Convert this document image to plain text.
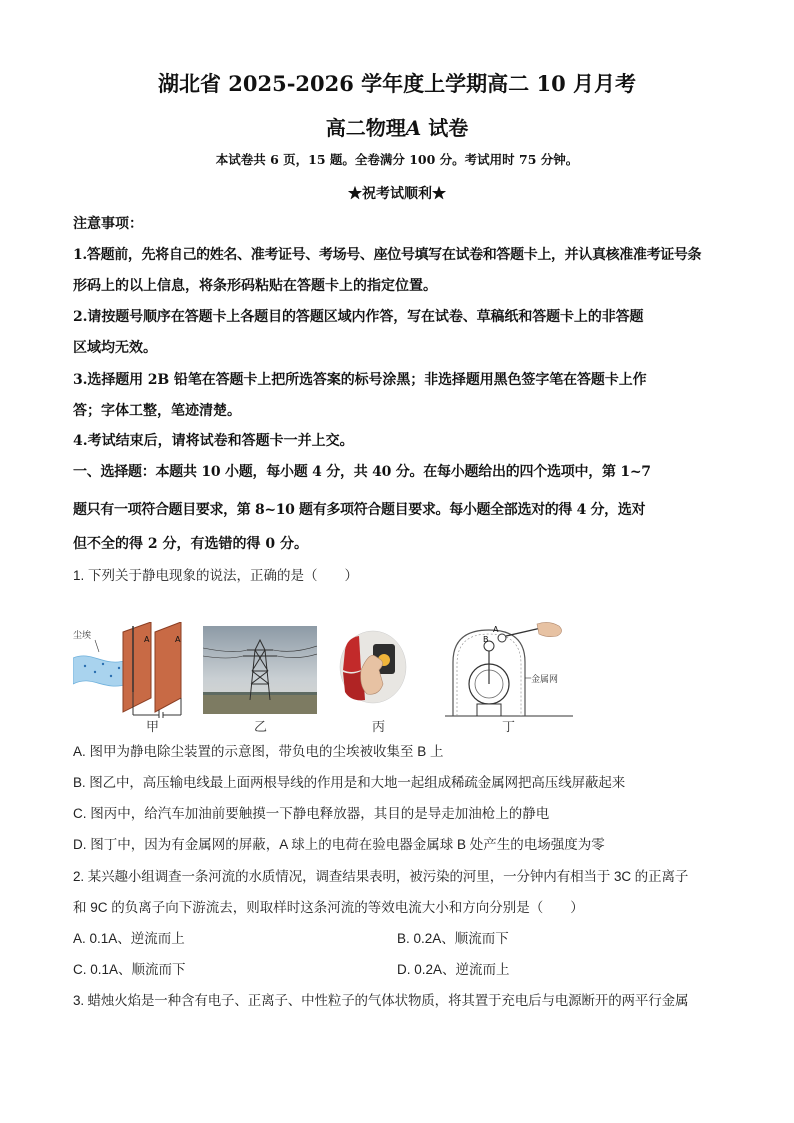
湖北省 2025-2026 学年度上学期高二 10 月月考
高二物理A 试卷
本试卷共 6 页，15 题。全卷满分 100 分。考试用时 75 分钟。
★祝考试顺利★
注意事项：
1.答题前，先将自己的姓名、准考证号、考场号、座位号填写在试卷和答题卡上，并认真核准准考证号条
形码上的以上信息，将条形码粘贴在答题卡上的指定位置。
2.请按题号顺序在答题卡上各题目的答题区域内作答，写在试卷、草稿纸和答题卡上的非答题
区域均无效。
3.选择题用 2B 铅笔在答题卡上把所选答案的标号涂黑；非选择题用黑色签字笔在答题卡上作
答；字体工整，笔迹清楚。
4.考试结束后，请将试卷和答题卡一并上交。
一、选择题：本题共 10 小题，每小题 4 分，共 40 分。在每小题给出的四个选项中，第 1~7
题只有一项符合题目要求，第 8~10 题有多项符合题目要求。每小题全部选对的得 4 分，选对
但不全的得 2 分，有选错的得 0 分。
1. 下列关于静电现象的说法，正确的是（　　）
尘埃	A	A	B
A
金属网
甲	乙	丙	丁
A. 图甲为静电除尘装置的示意图，带负电的尘埃被收集至 B 上
B. 图乙中，高压输电线最上面两根导线的作用是和大地一起组成稀疏金属网把高压线屏蔽起来
C. 图丙中，给汽车加油前要触摸一下静电释放器，其目的是导走加油枪上的静电
D. 图丁中，因为有金属网的屏蔽，A 球上的电荷在验电器金属球 B 处产生的电场强度为零
2. 某兴趣小组调查一条河流的水质情况，调查结果表明，被污染的河里，一分钟内有相当于 3C 的正离子
和 9C 的负离子向下游流去，则取样时这条河流的等效电流大小和方向分别是（　　）
A. 0.1A、逆流而上	B. 0.2A、顺流而下
C. 0.1A、顺流而下	D. 0.2A、逆流而上
3. 蜡烛火焰是一种含有电子、正离子、中性粒子的气体状物质，将其置于充电后与电源断开的两平行金属
